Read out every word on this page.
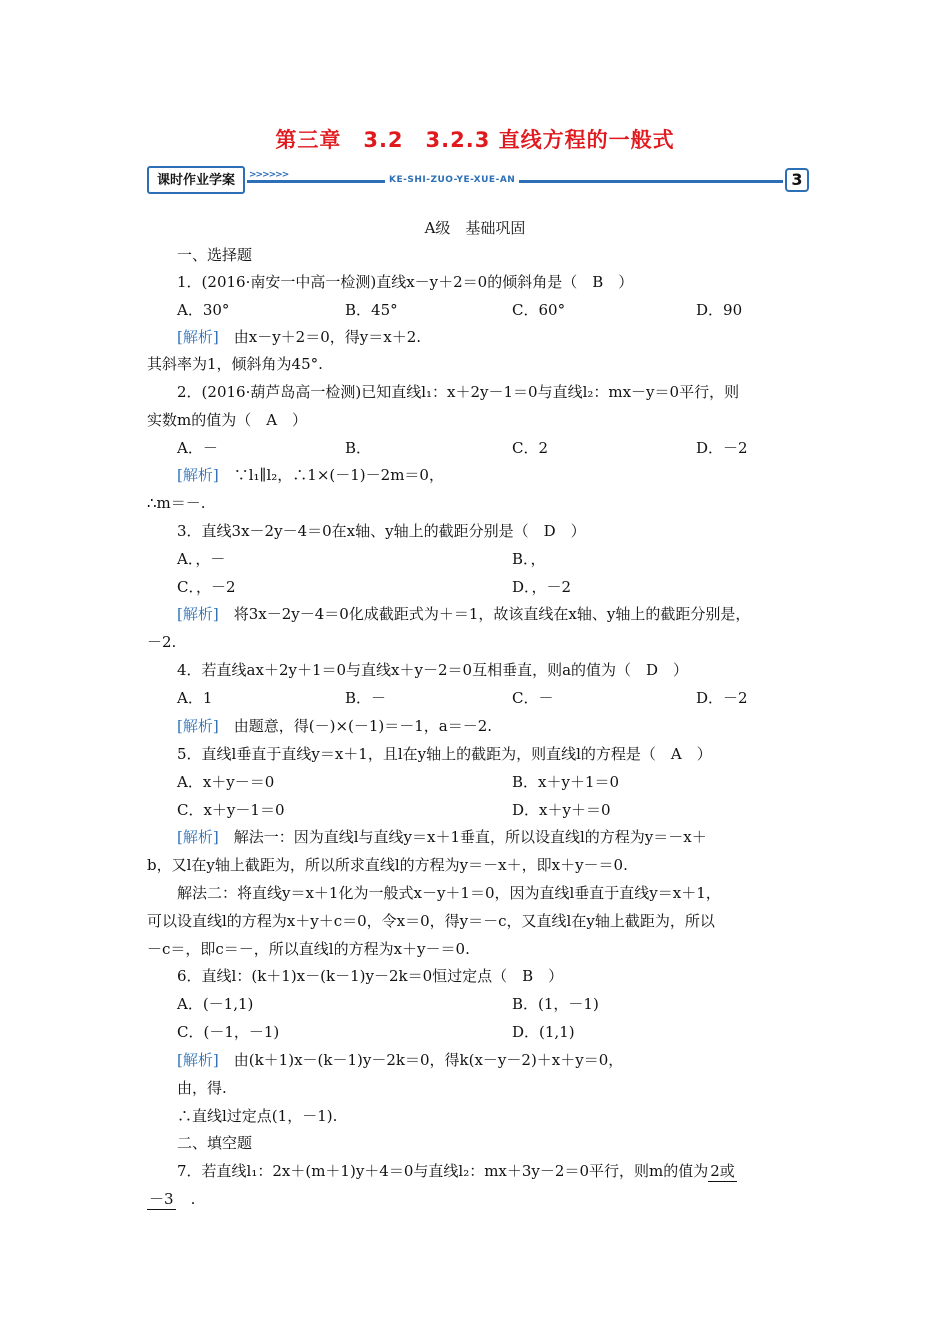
第三章　3.2　3.2.3 直线方程的一般式
课时作业学案	>>>>>>	KE-SHI-ZUO-YE-XUE-AN	3
A级　基础巩固
一、选择题
1．(2016·南安一中高一检测)直线x－y＋2＝0的倾斜角是（　B　）
A．30°	B．45°	C．60°	D．90
[解析]　 由x－y＋2＝0，得y＝x＋2.
其斜率为1，倾斜角为45°.
2．(2016·葫芦岛高一检测)已知直线l₁：x＋2y－1＝0与直线l₂：mx－y＝0平行，则
实数m的值为（　A　）
A．－	B．	C．2	D．－2
[解析]　 ∵l₁∥l₂，∴1×(－1)－2m＝0，
∴m＝－.
3．直线3x－2y－4＝0在x轴、y轴上的截距分别是（　D　）
A．，－	B．，
C．，－2	D．，－2
[解析]　 将3x－2y－4＝0化成截距式为＋＝1，故该直线在x轴、y轴上的截距分别是，
－2.
4．若直线ax＋2y＋1＝0与直线x＋y－2＝0互相垂直，则a的值为（　D　）
A．1	B．－	C．－	D．－2
[解析]　 由题意，得(－)×(－1)＝－1，a＝－2.
5．直线l垂直于直线y＝x＋1，且l在y轴上的截距为，则直线l的方程是（　A　）
A．x＋y－＝0	B．x＋y＋1＝0
C．x＋y－1＝0	D．x＋y＋＝0
[解析]　 解法一：因为直线l与直线y＝x＋1垂直，所以设直线l的方程为y＝－x＋
b，又l在y轴上截距为，所以所求直线l的方程为y＝－x＋，即x＋y－＝0.
解法二：将直线y＝x＋1化为一般式x－y＋1＝0，因为直线l垂直于直线y＝x＋1，
可以设直线l的方程为x＋y＋c＝0，令x＝0，得y＝－c，又直线l在y轴上截距为，所以
－c＝，即c＝－，所以直线l的方程为x＋y－＝0.
6．直线l：(k＋1)x－(k－1)y－2k＝0恒过定点（　B　）
A．(－1,1)	B．(1，－1)
C．(－1，－1)	D．(1,1)
[解析]　 由(k＋1)x－(k－1)y－2k＝0，得k(x－y－2)＋x＋y＝0，
由，得.
∴直线l过定点(1，－1).
二、填空题
7．若直线l₁：2x＋(m＋1)y＋4＝0与直线l₂：mx＋3y－2＝0平行，则m的值为 2或
－3　 .
